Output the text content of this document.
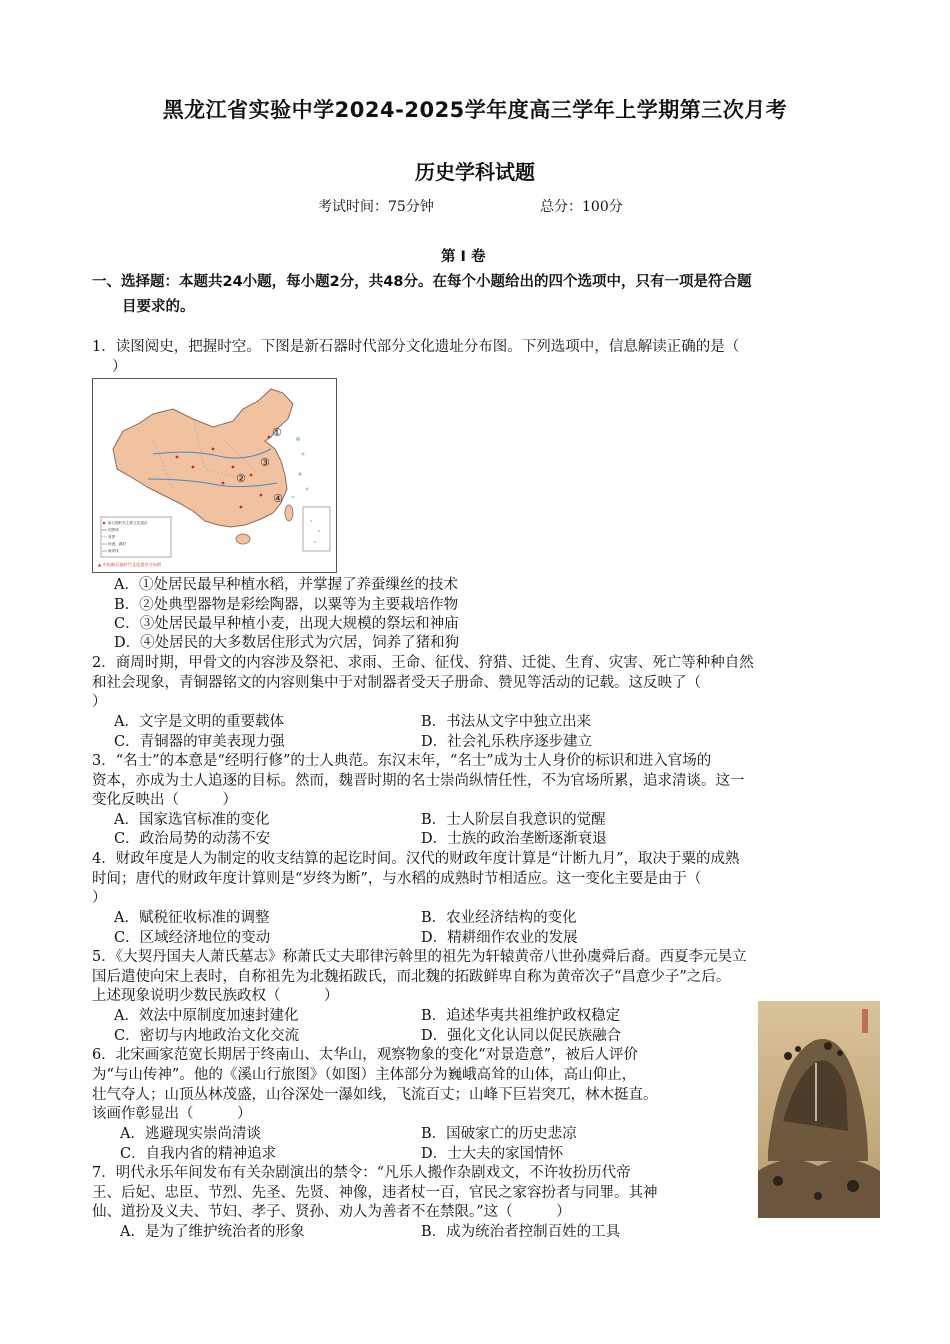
黑龙江省实验中学2024-2025学年度高三学年上学期第三次月考
历史学科试题
考试时间：75分钟	总分：100分
第 Ⅰ 卷
一、选择题：本题共24小题，每小题2分，共48分。在每个小题给出的四个选项中，只有一项是符合题
目要求的。
1．读图阅史，把握时空。下图是新石器时代部分文化遗址分布图。下列选项中，信息解读正确的是（
）
①
②
③
④
新石器时代主要文化遗存
国界线
省界
河流、湖泊
海岸线
▲ 中国新石器时代文化遗存分布图
A．①处居民最早种植水稻，并掌握了养蚕缫丝的技术
B．②处典型器物是彩绘陶器，以粟等为主要栽培作物
C．③处居民最早种植小麦，出现大规模的祭坛和神庙
D．④处居民的大多数居住形式为穴居，饲养了猪和狗
2．商周时期，甲骨文的内容涉及祭祀、求雨、王命、征伐、狩猎、迁徙、生育、灾害、死亡等种种自然
和社会现象，青铜器铭文的内容则集中于对制器者受天子册命、赞见等活动的记载。这反映了（
）
A．文字是文明的重要载体	B．书法从文字中独立出来
C．青铜器的审美表现力强	D．社会礼乐秩序逐步建立
3．“名士”的本意是“经明行修”的士人典范。东汉末年，“名士”成为士人身价的标识和进入官场的
资本，亦成为士人追逐的目标。然而，魏晋时期的名士崇尚纵情任性，不为官场所累，追求清谈。这一
变化反映出（　　　）
A．国家选官标准的变化	B．士人阶层自我意识的觉醒
C．政治局势的动荡不安	D．士族的政治垄断逐渐衰退
4．财政年度是人为制定的收支结算的起讫时间。汉代的财政年度计算是“计断九月”，取决于粟的成熟
时间；唐代的财政年度计算则是“岁终为断”，与水稻的成熟时节相适应。这一变化主要是由于（
）
A．赋税征收标准的调整	B．农业经济结构的变化
C．区域经济地位的变动	D．精耕细作农业的发展
5．《大契丹国夫人萧氏墓志》称萧氏丈夫耶律污斡里的祖先为轩辕黄帝八世孙虞舜后裔。西夏李元昊立
国后遣使向宋上表时，自称祖先为北魏拓跋氏，而北魏的拓跋鲜卑自称为黄帝次子“昌意少子”之后。
上述现象说明少数民族政权（　　　）
A．效法中原制度加速封建化	B．追述华夷共祖维护政权稳定
C．密切与内地政治文化交流	D．强化文化认同以促民族融合
6．北宋画家范宽长期居于终南山、太华山，观察物象的变化“对景造意”，被后人评价
为“与山传神”。他的《溪山行旅图》（如图）主体部分为巍峨高耸的山体，高山仰止，
壮气夺人；山顶丛林茂盛，山谷深处一瀑如线，飞流百丈；山峰下巨岩突兀，林木挺直。
该画作彰显出（　　　）
A．逃避现实崇尚清谈	B．国破家亡的历史悲凉
C．自我内省的精神追求	D．士大夫的家国情怀
7．明代永乐年间发布有关杂剧演出的禁令：“凡乐人搬作杂剧戏文，不许妆扮历代帝
王、后妃、忠臣、节烈、先圣、先贤、神像，违者杖一百，官民之家容扮者与同罪。其神
仙、道扮及义夫、节妇、孝子、贤孙、劝人为善者不在禁限。”这（　　　）
A．是为了维护统治者的形象	B．成为统治者控制百姓的工具
